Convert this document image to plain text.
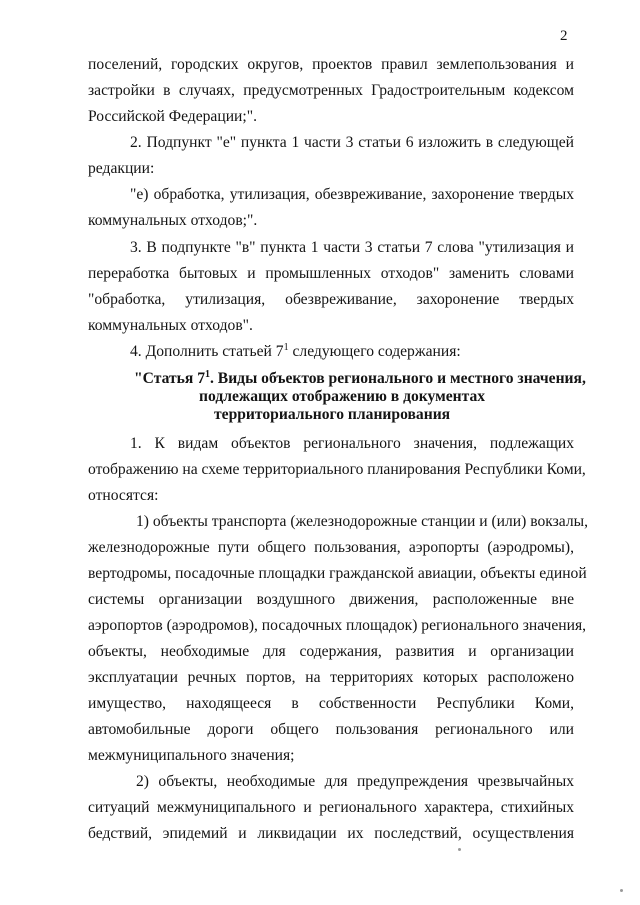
2
поселений, городских округов, проектов правил землепользования и
застройки в случаях, предусмотренных Градостроительным кодексом
Российской Федерации;".
2. Подпункт "е" пункта 1 части 3 статьи 6 изложить в следующей
редакции:
"е) обработка, утилизация, обезвреживание, захоронение твердых
коммунальных отходов;".
3. В подпункте "в" пункта 1 части 3 статьи 7 слова "утилизация и
переработка бытовых и промышленных отходов" заменить словами
"обработка, утилизация, обезвреживание, захоронение твердых
коммунальных отходов".
4. Дополнить статьей $7^1$ следующего содержания:
"Статья $7^1$. Виды объектов регионального и местного значения,
подлежащих отображению в документах
территориального планирования
1. К видам объектов регионального значения, подлежащих
отображению на схеме территориального планирования Республики Коми,
относятся:
1) объекты транспорта (железнодорожные станции и (или) вокзалы,
железнодорожные пути общего пользования, аэропорты (аэродромы),
вертодромы, посадочные площадки гражданской авиации, объекты единой
системы организации воздушного движения, расположенные вне
аэропортов (аэродромов), посадочных площадок) регионального значения,
объекты, необходимые для содержания, развития и организации
эксплуатации речных портов, на территориях которых расположено
имущество, находящееся в собственности Республики Коми,
автомобильные дороги общего пользования регионального или
межмуниципального значения;
2) объекты, необходимые для предупреждения чрезвычайных
ситуаций межмуниципального и регионального характера, стихийных
бедствий, эпидемий и ликвидации их последствий, осуществления
